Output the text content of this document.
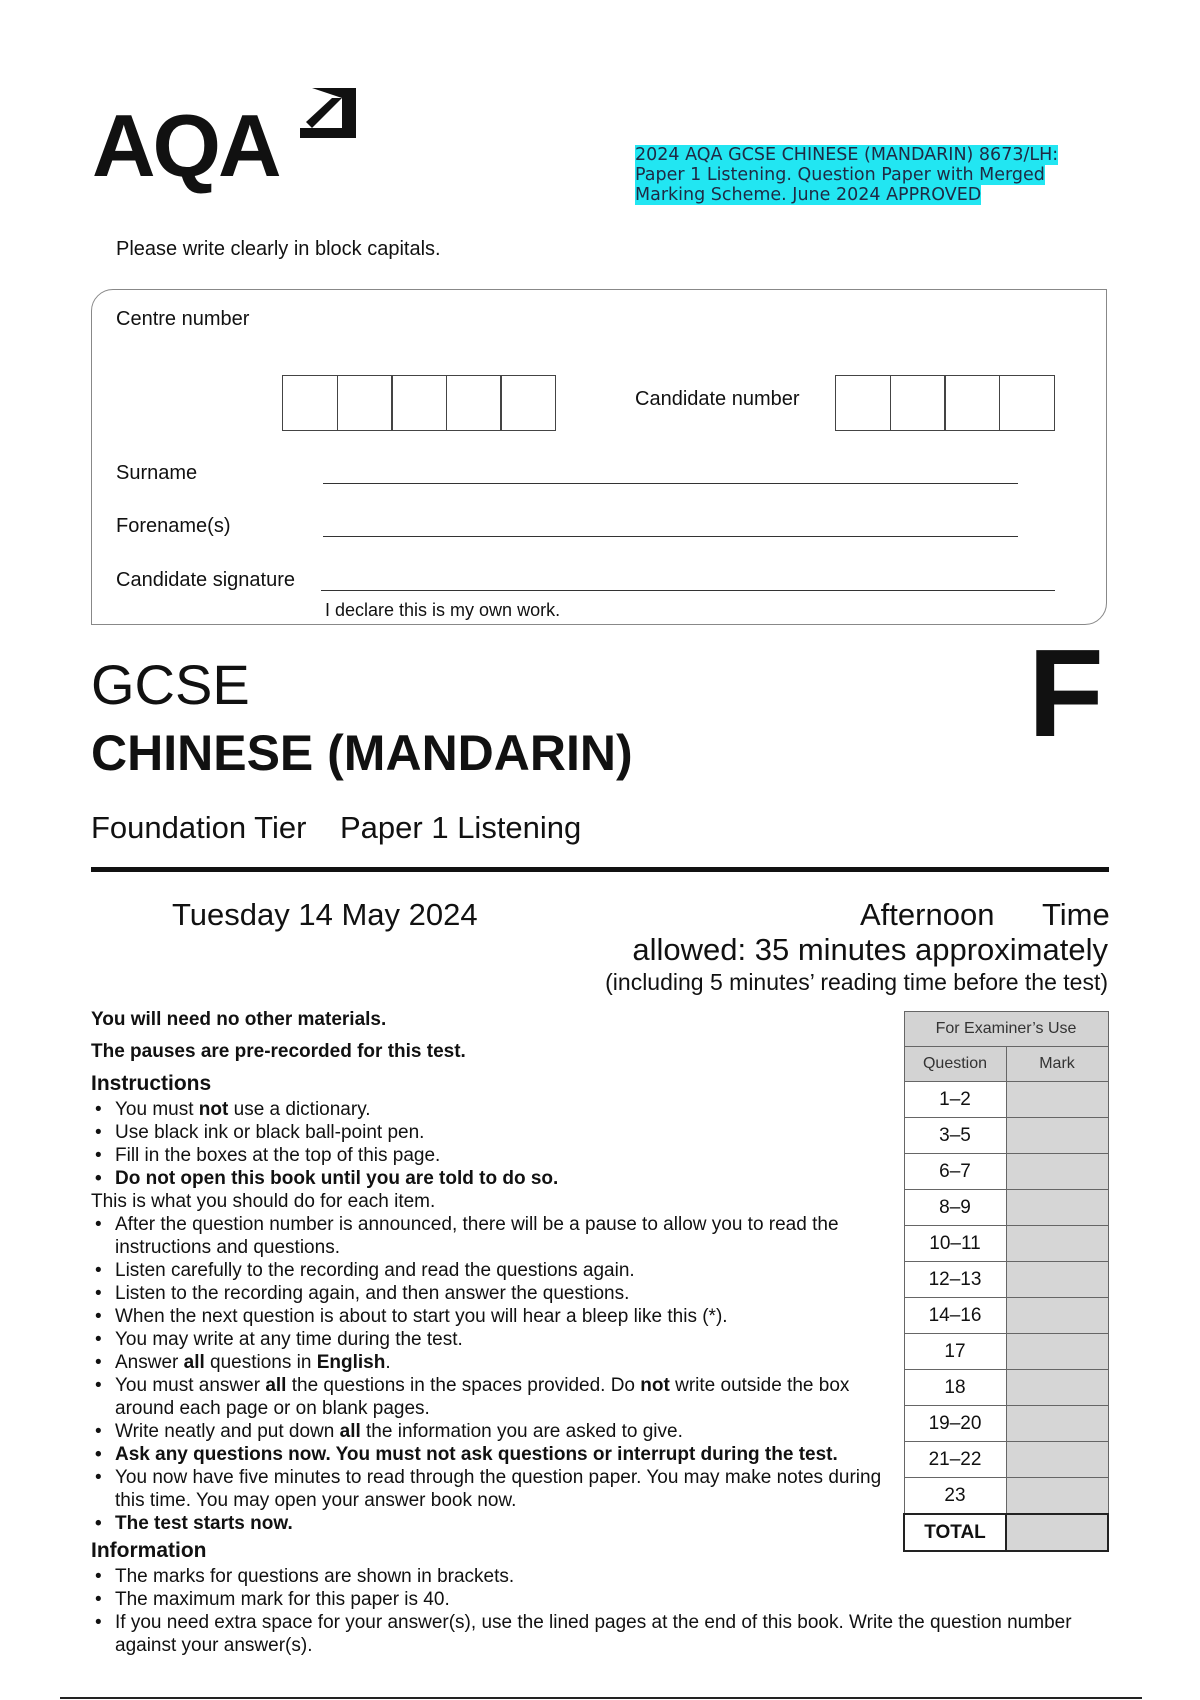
AQA	2024 AQA GCSE CHINESE (MANDARIN) 8673/LH: Paper 1 Listening. Question Paper with Merged Marking Scheme. June 2024 APPROVED
Please write clearly in block capitals.
Centre number
Candidate number
Surname
Forename(s)
Candidate signature
I declare this is my own work.
GCSE
CHINESE (MANDARIN)	F
Foundation Tier Paper 1 Listening
Tuesday 14 May 2024	Afternoon Time
allowed: 35 minutes approximately
(including 5 minutes’ reading time before the test)

You will need no other materials.

The pauses are pre-recorded for this test.

Instructions
• You must not use a dictionary.
• Use black ink or black ball-point pen.
• Fill in the boxes at the top of this page.
• Do not open this book until you are told to do so.

This is what you should do for each item.

• After the question number is announced, there will be a pause to allow you to read the instructions and questions.
• Listen carefully to the recording and read the questions again.
• Listen to the recording again, and then answer the questions.
• When the next question is about to start you will hear a bleep like this (*).
• You may write at any time during the test.
• Answer all questions in English.
• You must answer all the questions in the spaces provided. Do not write outside the box around each page or on blank pages.
• Write neatly and put down all the information you are asked to give.
• Ask any questions now. You must not ask questions or interrupt during the test.
• You now have five minutes to read through the question paper. You may make notes during this time. You may open your answer book now.
• The test starts now.
Information
• The marks for questions are shown in brackets.
• The maximum mark for this paper is 40.
• If you need extra space for your answer(s), use the lined pages at the end of this book. Write the question number against your answer(s).
For Examiner’s Use	
Question	Mark
1–2	
3–5	
6–7	
8–9	
10–11	
12–13	
14–16	
17	
18	
19–20	
21–22	
23	
TOTAL	
